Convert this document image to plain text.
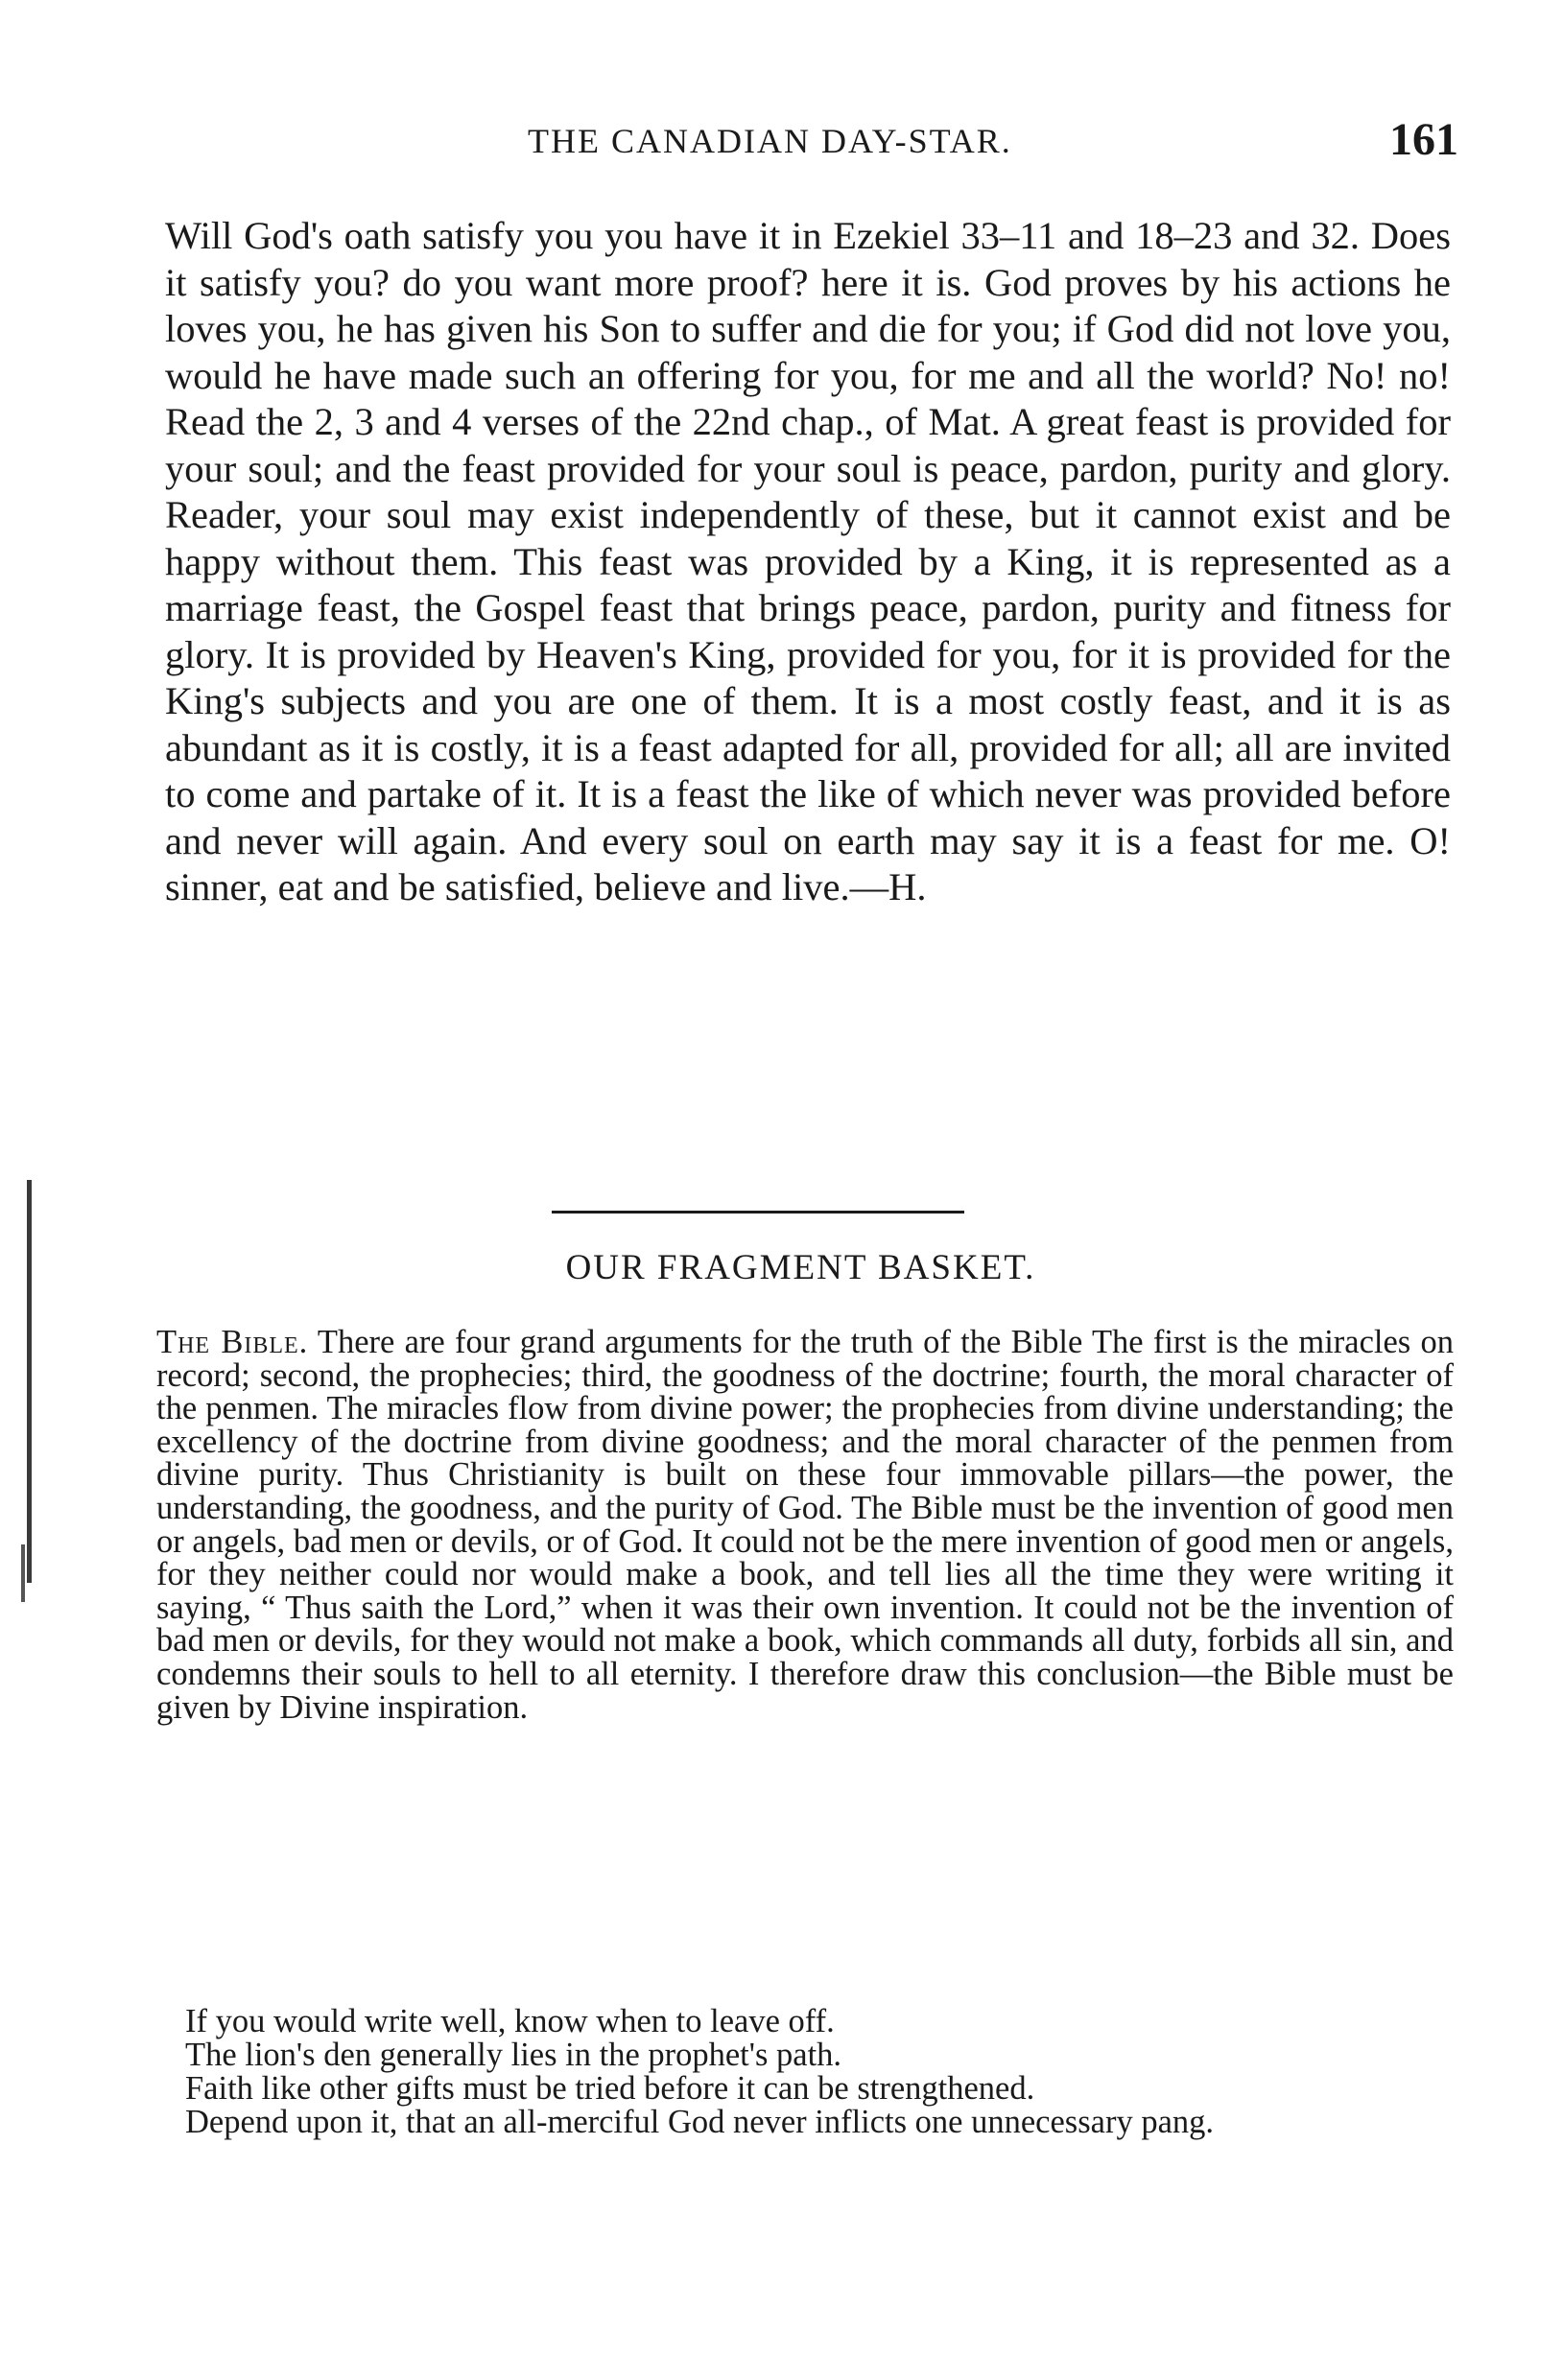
THE CANADIAN DAY-STAR.	161

Will God's oath satisfy you you have it in Ezekiel 33–11 and 18–23 and 32. Does it satisfy you? do you want more proof? here it is. God proves by his actions he loves you, he has given his Son to suffer and die for you; if God did not love you, would he have made such an offering for you, for me and all the world? No! no! Read the 2, 3 and 4 verses of the 22nd chap., of Mat. A great feast is provided for your soul; and the feast provided for your soul is peace, pardon, purity and glory. Reader, your soul may exist independently of these, but it cannot exist and be happy without them. This feast was provided by a King, it is represented as a marriage feast, the Gospel feast that brings peace, pardon, purity and fitness for glory. It is provided by Heaven's King, provided for you, for it is provided for the King's subjects and you are one of them. It is a most costly feast, and it is as abundant as it is costly, it is a feast adapted for all, provided for all; all are invited to come and partake of it. It is a feast the like of which never was provided before and never will again. And every soul on earth may say it is a feast for me. O! sinner, eat and be satisfied, believe and live.—H.

OUR FRAGMENT BASKET.

The Bible. There are four grand arguments for the truth of the Bible The first is the miracles on record; second, the prophecies; third, the goodness of the doctrine; fourth, the moral character of the penmen. The miracles flow from divine power; the prophecies from divine understanding; the excellency of the doctrine from divine goodness; and the moral character of the penmen from divine purity. Thus Christianity is built on these four immovable pillars—the power, the understanding, the goodness, and the purity of God. The Bible must be the invention of good men or angels, bad men or devils, or of God. It could not be the mere invention of good men or angels, for they neither could nor would make a book, and tell lies all the time they were writing it saying, “ Thus saith the Lord,” when it was their own invention. It could not be the invention of bad men or devils, for they would not make a book, which commands all duty, forbids all sin, and condemns their souls to hell to all eternity. I therefore draw this conclusion—the Bible must be given by Divine inspiration.

If you would write well, know when to leave off.
The lion's den generally lies in the prophet's path.
Faith like other gifts must be tried before it can be strengthened.
Depend upon it, that an all-merciful God never inflicts one unnecessary pang.
